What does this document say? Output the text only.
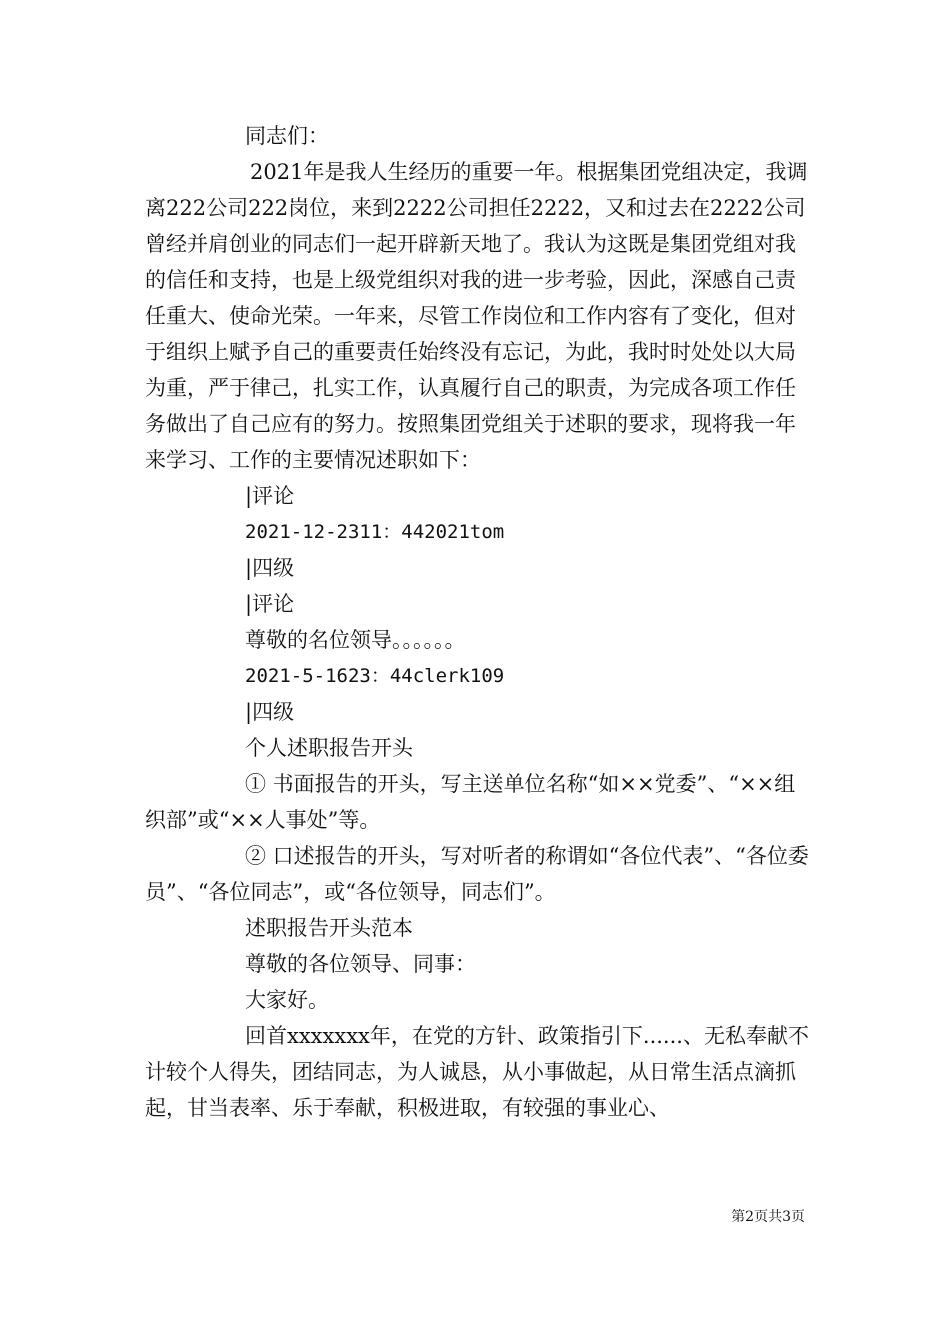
同志们：

2021年是我人生经历的重要一年。根据集团党组决定，我调离222公司222岗位，来到2222公司担任2222，又和过去在2222公司曾经并肩创业的同志们一起开辟新天地了。我认为这既是集团党组对我的信任和支持，也是上级党组织对我的进一步考验，因此，深感自己责任重大、使命光荣。一年来，尽管工作岗位和工作内容有了变化，但对于组织上赋予自己的重要责任始终没有忘记，为此，我时时处处以大局为重，严于律己，扎实工作，认真履行自己的职责，为完成各项工作任务做出了自己应有的努力。按照集团党组关于述职的要求，现将我一年来学习、工作的主要情况述职如下：

|评论

2021-12-2311：442021tom

|四级

|评论

尊敬的名位领导。。。。。。

2021-5-1623：44clerk109

|四级

个人述职报告开头

① 书面报告的开头，写主送单位名称“如××党委”、“××组织部”或“××人事处”等。

② 口述报告的开头，写对听者的称谓如“各位代表”、“各位委员”、“各位同志”，或“各位领导，同志们”。

述职报告开头范本

尊敬的各位领导、同事：

大家好。

回首xxxxxxx年，在党的方针、政策指引下......、无私奉献不计较个人得失，团结同志，为人诚恳，从小事做起，从日常生活点滴抓起，甘当表率、乐于奉献，积极进取，有较强的事业心、

第2页共3页
